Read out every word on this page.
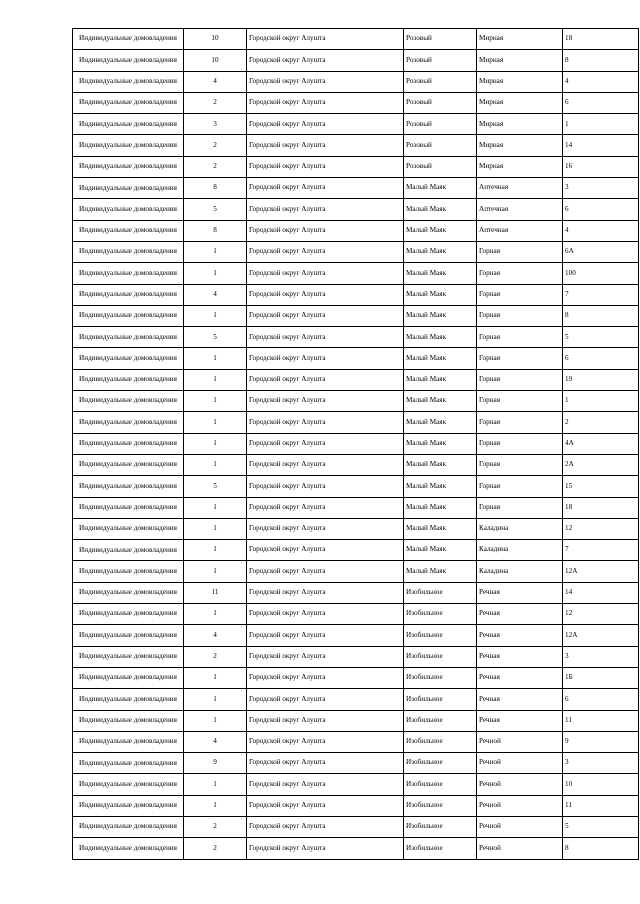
Индивидуальные домовладения	10	Городской округ Алушта	Розовый	Мирная	18
Индивидуальные домовладения	10	Городской округ Алушта	Розовый	Мирная	8
Индивидуальные домовладения	4	Городской округ Алушта	Розовый	Мирная	4
Индивидуальные домовладения	2	Городской округ Алушта	Розовый	Мирная	6
Индивидуальные домовладения	3	Городской округ Алушта	Розовый	Мирная	1
Индивидуальные домовладения	2	Городской округ Алушта	Розовый	Мирная	14
Индивидуальные домовладения	2	Городской округ Алушта	Розовый	Мирная	16
Индивидуальные домовладения	8	Городской округ Алушта	Малый Маяк	Аптечная	3
Индивидуальные домовладения	5	Городской округ Алушта	Малый Маяк	Аптечная	6
Индивидуальные домовладения	8	Городской округ Алушта	Малый Маяк	Аптечная	4
Индивидуальные домовладения	1	Городской округ Алушта	Малый Маяк	Горная	6А
Индивидуальные домовладения	1	Городской округ Алушта	Малый Маяк	Горная	100
Индивидуальные домовладения	4	Городской округ Алушта	Малый Маяк	Горная	7
Индивидуальные домовладения	1	Городской округ Алушта	Малый Маяк	Горная	8
Индивидуальные домовладения	5	Городской округ Алушта	Малый Маяк	Горная	5
Индивидуальные домовладения	1	Городской округ Алушта	Малый Маяк	Горная	6
Индивидуальные домовладения	1	Городской округ Алушта	Малый Маяк	Горная	19
Индивидуальные домовладения	1	Городской округ Алушта	Малый Маяк	Горная	1
Индивидуальные домовладения	1	Городской округ Алушта	Малый Маяк	Горная	2
Индивидуальные домовладения	1	Городской округ Алушта	Малый Маяк	Горная	4А
Индивидуальные домовладения	1	Городской округ Алушта	Малый Маяк	Горная	2А
Индивидуальные домовладения	5	Городской округ Алушта	Малый Маяк	Горная	15
Индивидуальные домовладения	1	Городской округ Алушта	Малый Маяк	Горная	18
Индивидуальные домовладения	1	Городской округ Алушта	Малый Маяк	Каладина	12
Индивидуальные домовладения	1	Городской округ Алушта	Малый Маяк	Каладина	7
Индивидуальные домовладения	1	Городской округ Алушта	Малый Маяк	Каладина	12А
Индивидуальные домовладения	11	Городской округ Алушта	Изобильное	Речная	14
Индивидуальные домовладения	1	Городской округ Алушта	Изобильное	Речная	12
Индивидуальные домовладения	4	Городской округ Алушта	Изобильное	Речная	12А
Индивидуальные домовладения	2	Городской округ Алушта	Изобильное	Речная	3
Индивидуальные домовладения	1	Городской округ Алушта	Изобильное	Речная	1Б
Индивидуальные домовладения	1	Городской округ Алушта	Изобильное	Речная	6
Индивидуальные домовладения	1	Городской округ Алушта	Изобильное	Речная	11
Индивидуальные домовладения	4	Городской округ Алушта	Изобильное	Речной	9
Индивидуальные домовладения	9	Городской округ Алушта	Изобильное	Речной	3
Индивидуальные домовладения	1	Городской округ Алушта	Изобильное	Речной	10
Индивидуальные домовладения	1	Городской округ Алушта	Изобильное	Речной	11
Индивидуальные домовладения	2	Городской округ Алушта	Изобильное	Речной	5
Индивидуальные домовладения	2	Городской округ Алушта	Изобильное	Речной	8
